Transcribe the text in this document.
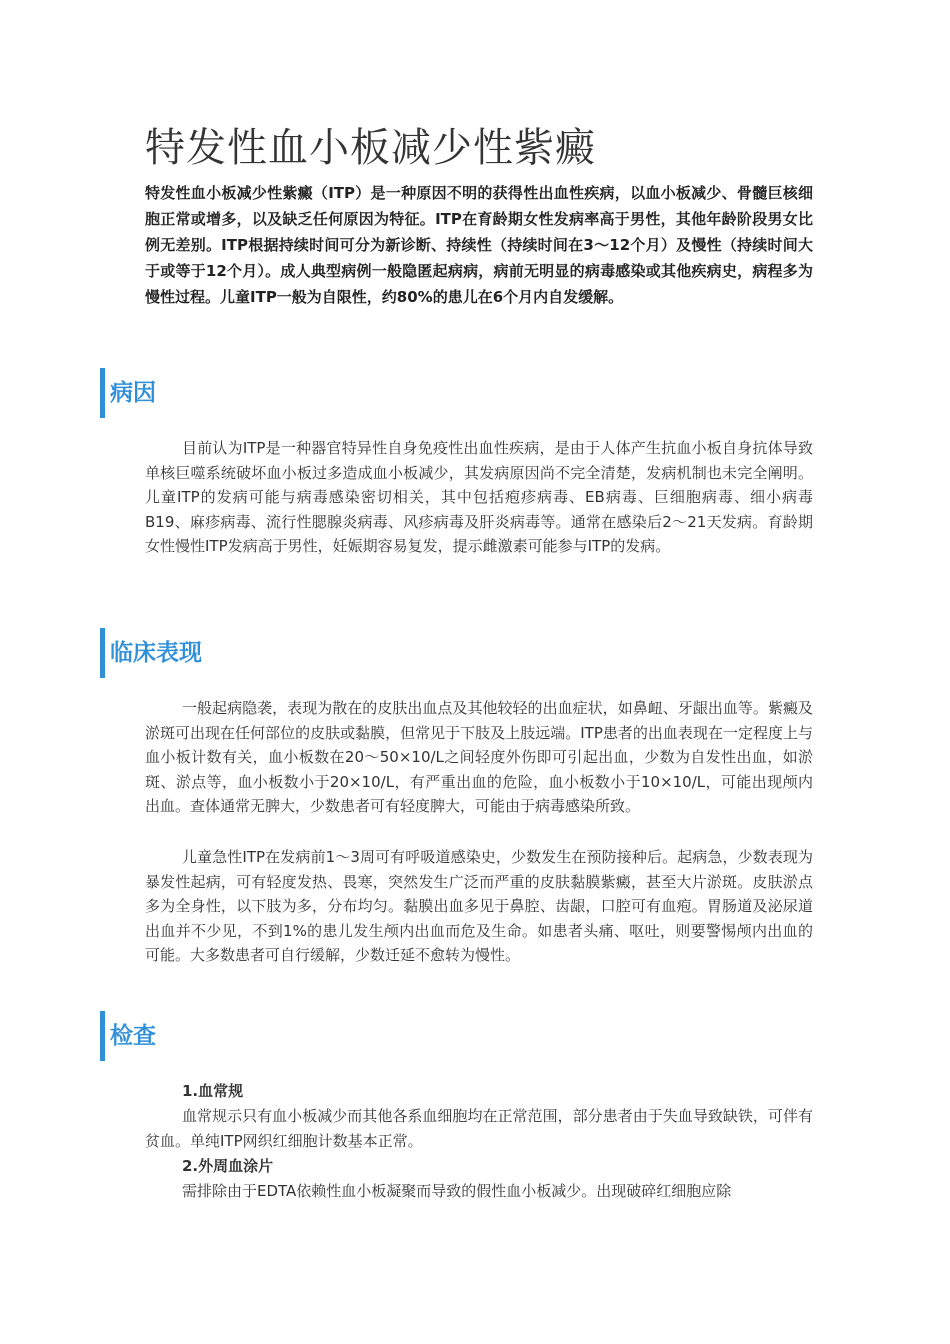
特发性血小板减少性紫癜
特发性血小板减少性紫癜（ITP）是一种原因不明的获得性出血性疾病，以血小板减少、骨髓巨核细胞正常或增多，以及缺乏任何原因为特征。ITP在育龄期女性发病率高于男性，其他年龄阶段男女比例无差别。ITP根据持续时间可分为新诊断、持续性（持续时间在3～12个月）及慢性（持续时间大于或等于12个月）。成人典型病例一般隐匿起病病，病前无明显的病毒感染或其他疾病史，病程多为慢性过程。儿童ITP一般为自限性，约80%的患儿在6个月内自发缓解。
病因
目前认为ITP是一种器官特异性自身免疫性出血性疾病，是由于人体产生抗血小板自身抗体导致单核巨噬系统破坏血小板过多造成血小板减少，其发病原因尚不完全清楚，发病机制也未完全阐明。儿童ITP的发病可能与病毒感染密切相关，其中包括疱疹病毒、EB病毒、巨细胞病毒、细小病毒B19、麻疹病毒、流行性腮腺炎病毒、风疹病毒及肝炎病毒等。通常在感染后2～21天发病。育龄期女性慢性ITP发病高于男性，妊娠期容易复发，提示雌激素可能参与ITP的发病。
临床表现
一般起病隐袭，表现为散在的皮肤出血点及其他较轻的出血症状，如鼻衄、牙龈出血等。紫癜及淤斑可出现在任何部位的皮肤或黏膜，但常见于下肢及上肢远端。ITP患者的出血表现在一定程度上与血小板计数有关，血小板数在20～50×10/L之间轻度外伤即可引起出血，少数为自发性出血，如淤斑、淤点等，血小板数小于20×10/L，有严重出血的危险，血小板数小于10×10/L，可能出现颅内出血。查体通常无脾大，少数患者可有轻度脾大，可能由于病毒感染所致。
儿童急性ITP在发病前1～3周可有呼吸道感染史，少数发生在预防接种后。起病急，少数表现为暴发性起病，可有轻度发热、畏寒，突然发生广泛而严重的皮肤黏膜紫癜，甚至大片淤斑。皮肤淤点多为全身性，以下肢为多，分布均匀。黏膜出血多见于鼻腔、齿龈，口腔可有血疱。胃肠道及泌尿道出血并不少见，不到1%的患儿发生颅内出血而危及生命。如患者头痛、呕吐，则要警惕颅内出血的可能。大多数患者可自行缓解，少数迁延不愈转为慢性。
检查
1.血常规
血常规示只有血小板减少而其他各系血细胞均在正常范围，部分患者由于失血导致缺铁，可伴有贫血。单纯ITP网织红细胞计数基本正常。
2.外周血涂片
需排除由于EDTA依赖性血小板凝聚而导致的假性血小板减少。出现破碎红细胞应除
